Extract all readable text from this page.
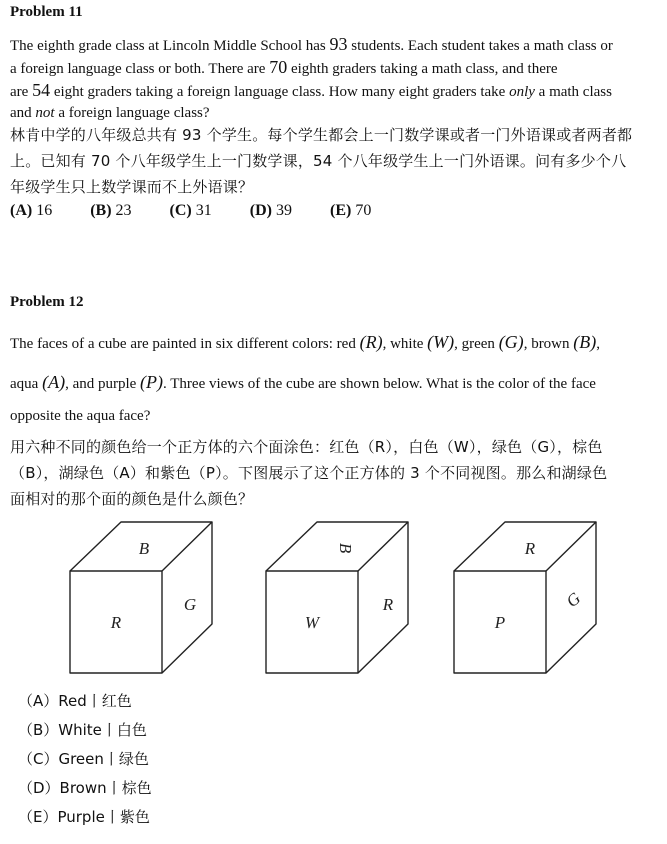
Problem 11
The eighth grade class at Lincoln Middle School has 93 students. Each student takes a math class or
a foreign language class or both. There are 70 eighth graders taking a math class, and there
are 54 eight graders taking a foreign language class. How many eight graders take only a math class
and not a foreign language class?
林肯中学的八年级总共有 93 个学生。每个学生都会上一门数学课或者一门外语课或者两者都
上。已知有 70 个八年级学生上一门数学课，54 个八年级学生上一门外语课。问有多少个八
年级学生只上数学课而不上外语课？
(A) 16 (B) 23 (C) 31 (D) 39 (E) 70
Problem 12
The faces of a cube are painted in six different colors: red (R), white (W), green (G), brown (B),
aqua (A), and purple (P). Three views of the cube are shown below. What is the color of the face
opposite the aqua face?
用六种不同的颜色给一个正方体的六个面涂色：红色（R），白色（W），绿色（G），棕色
（B），湖绿色（A）和紫色（P）。下图展示了这个正方体的 3 个不同视图。那么和湖绿色
面相对的那个面的颜色是什么颜色？
B
R
G
B
W
R
R
P
G
（A）Red丨红色
（B）White丨白色
（C）Green丨绿色
（D）Brown丨棕色
（E）Purple丨紫色
